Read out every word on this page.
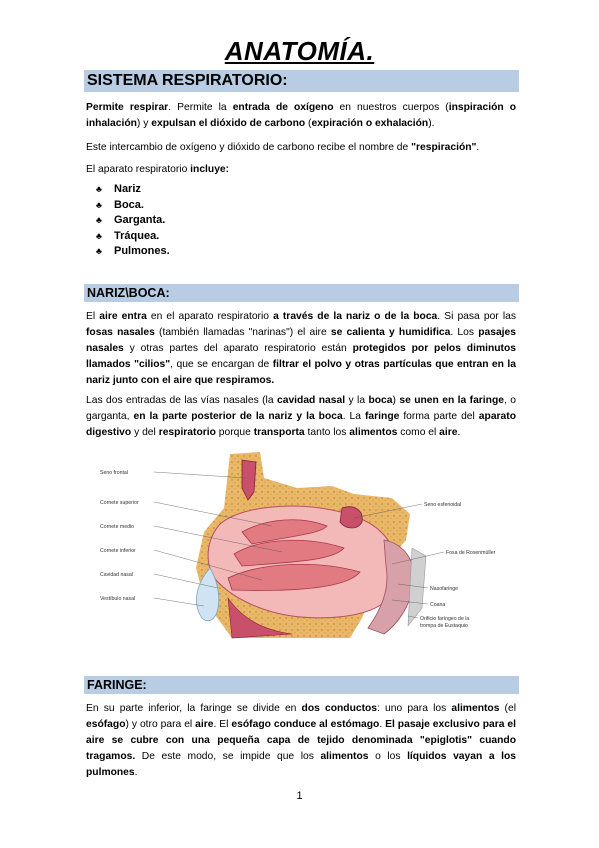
ANATOMÍA.
SISTEMA RESPIRATORIO:
Permite respirar. Permite la entrada de oxígeno en nuestros cuerpos (inspiración o inhalación) y expulsan el dióxido de carbono (expiración o exhalación).
Este intercambio de oxígeno y dióxido de carbono recibe el nombre de "respiración".
El aparato respiratorio incluye:
♣	Nariz
♣	Boca.
♣	Garganta.
♣	Tráquea.
♣	Pulmones.
NARIZ\BOCA:
El aire entra en el aparato respiratorio a través de la nariz o de la boca. Si pasa por las fosas nasales (también llamadas "narinas") el aire se calienta y humidifica. Los pasajes nasales y otras partes del aparato respiratorio están protegidos por pelos diminutos llamados "cilios", que se encargan de filtrar el polvo y otras partículas que entran en la nariz junto con el aire que respiramos.
Las dos entradas de las vías nasales (la cavidad nasal y la boca) se unen en la faringe, o garganta, en la parte posterior de la nariz y la boca. La faringe forma parte del aparato digestivo y del respiratorio porque transporta tanto los alimentos como el aire.
Seno frontal
Cornete superior
Cornete medio
Cornete inferior
Cavidad nasal
Vestíbulo nasal
Seno esfenoidal
Fosa de Rosenmüller
Nasofaringe
Coana
Orificio faríngeo de la
trompa de Eustaquio
FARINGE:
En su parte inferior, la faringe se divide en dos conductos: uno para los alimentos (el esófago) y otro para el aire. El esófago conduce al estómago. El pasaje exclusivo para el aire se cubre con una pequeña capa de tejido denominada "epiglotis" cuando tragamos. De este modo, se impide que los alimentos o los líquidos vayan a los pulmones.
1
